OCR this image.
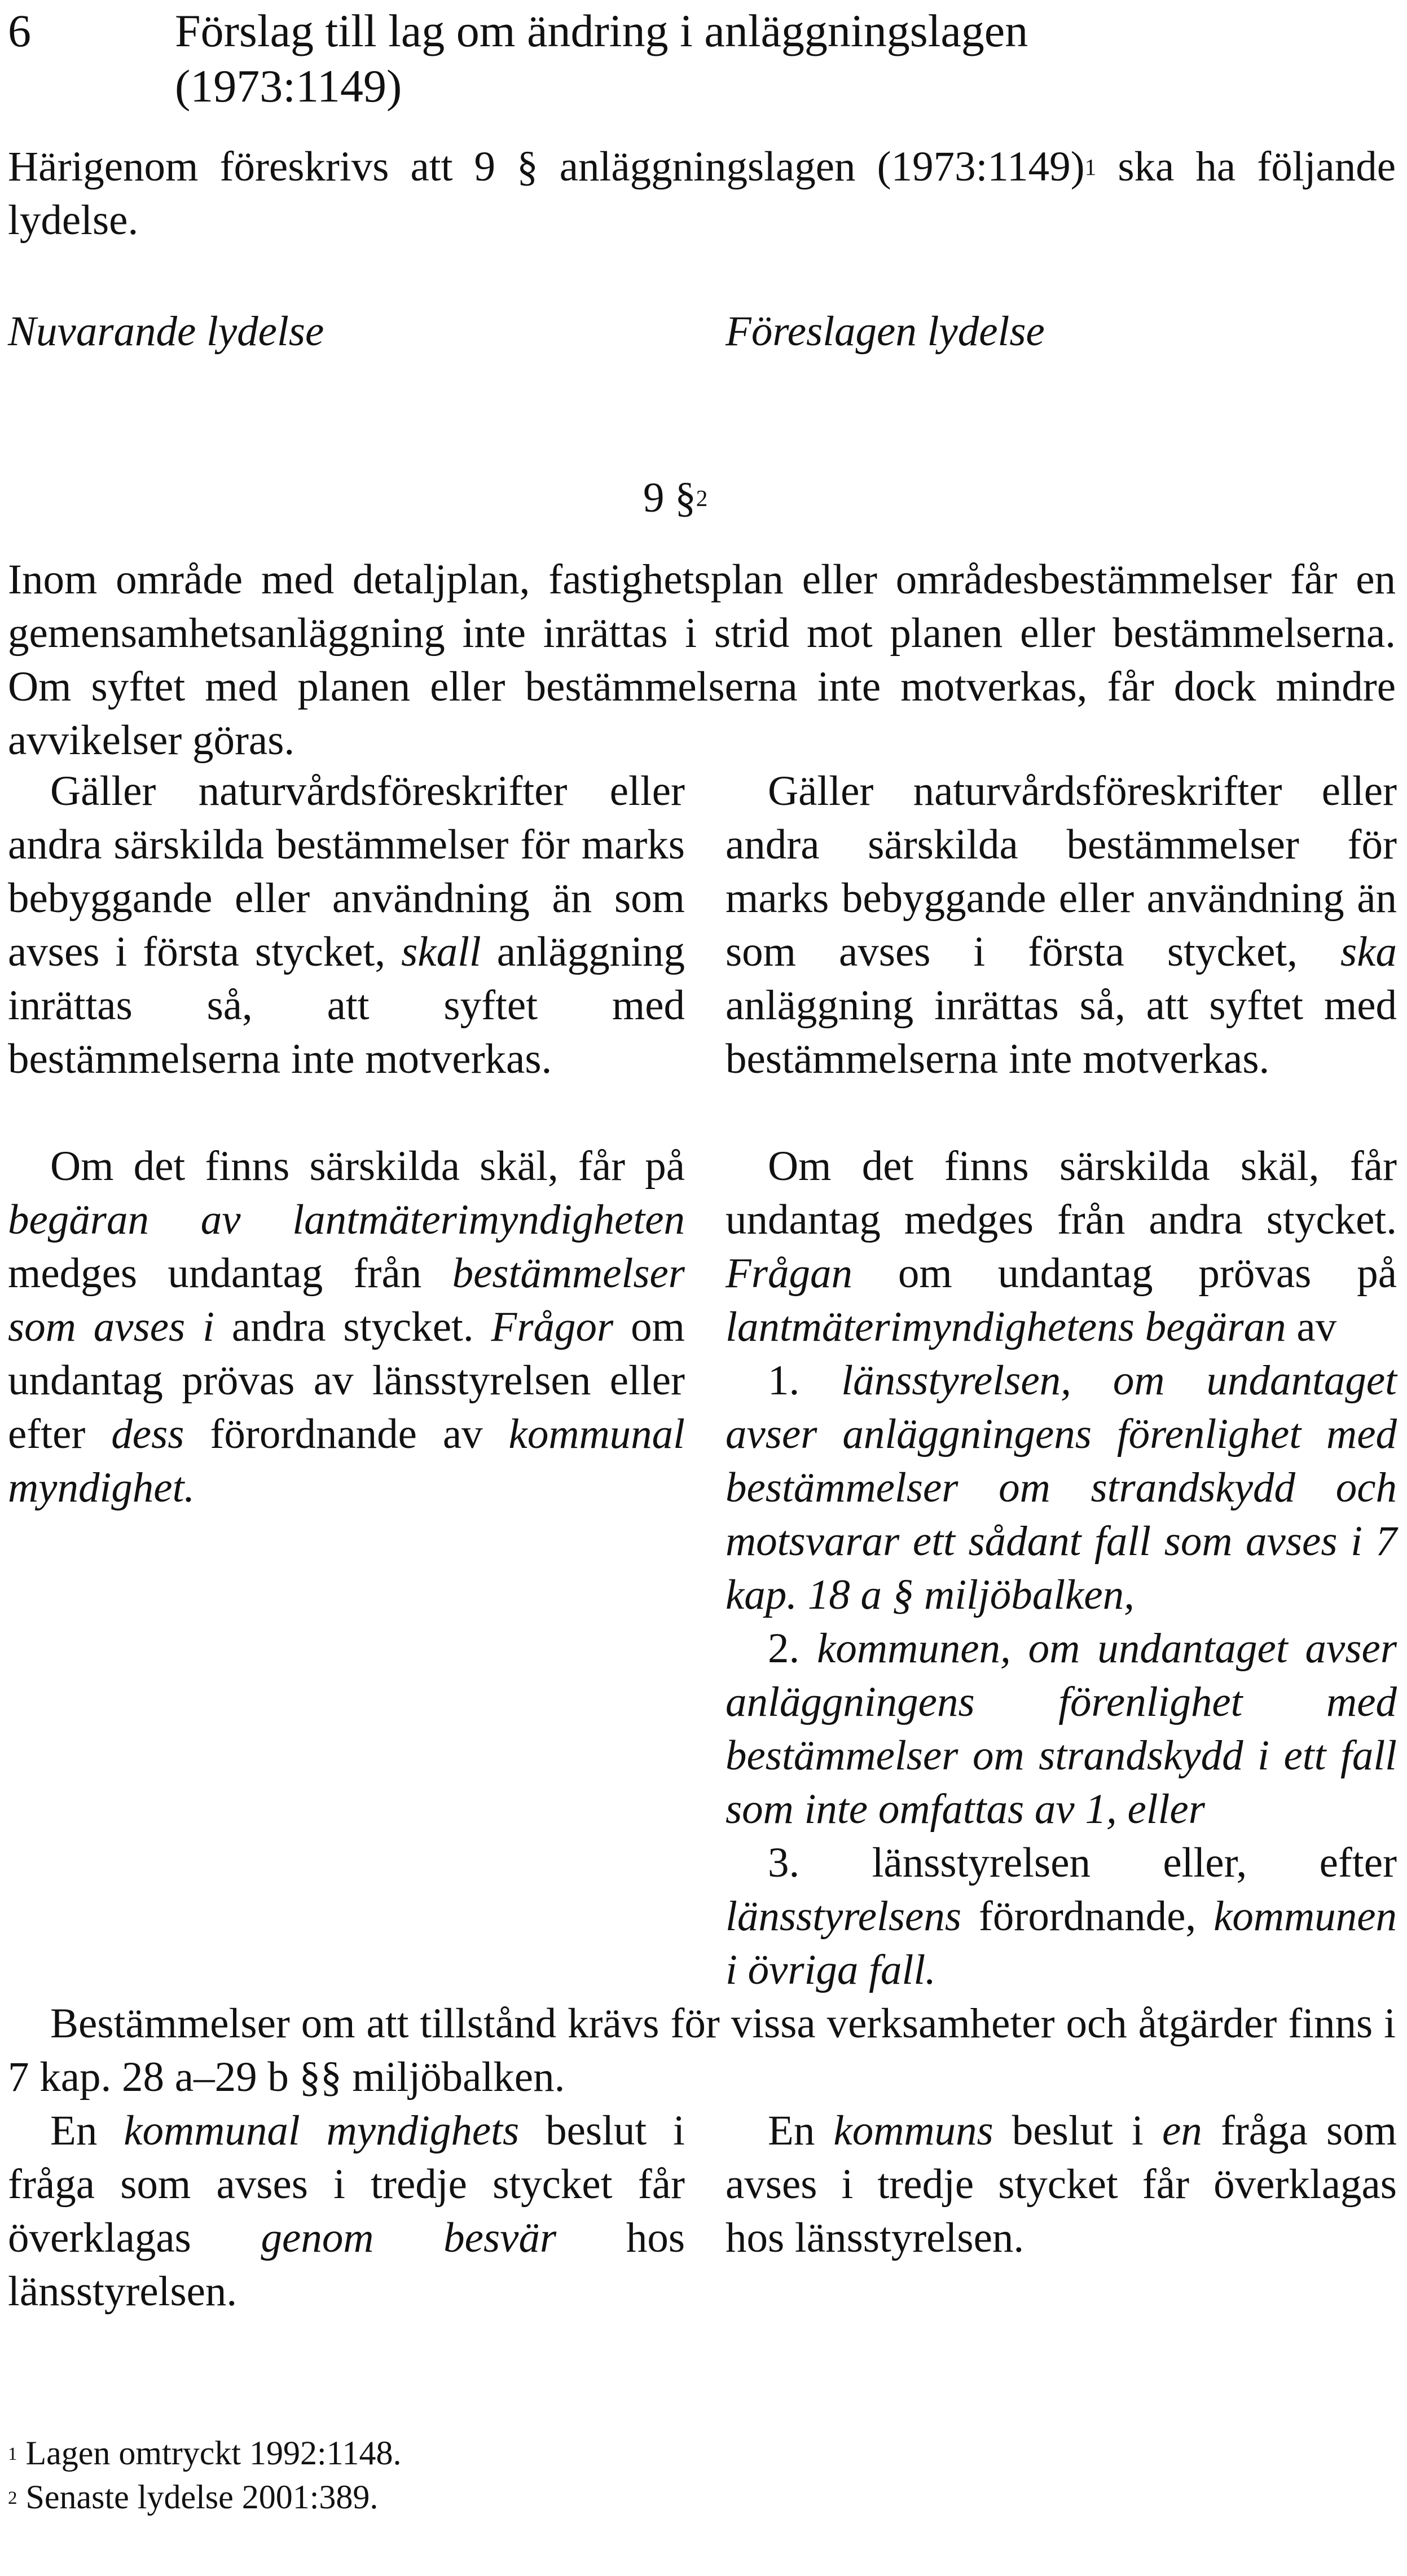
6	Förslag till lag om ändring i anläggningslagen
(1973:1149)
Härigenom föreskrivs att 9 § anläggningslagen (1973:1149)$^1$ ska ha följande lydelse.
Nuvarande lydelse	Föreslagen lydelse
9 §$^2$
Inom område med detaljplan, fastighetsplan eller områdesbestämmelser får en gemensamhetsanläggning inte inrättas i strid mot planen eller bestämmelserna. Om syftet med planen eller bestämmelserna inte motverkas, får dock mindre avvikelser göras.
Gäller naturvårdsföreskrifter eller andra särskilda bestämmelser för marks bebyggande eller användning än som avses i första stycket, skall anläggning inrättas så, att syftet med bestämmelserna inte motverkas.
Gäller naturvårdsföreskrifter eller andra särskilda bestämmelser för marks bebyggande eller användning än som avses i första stycket, ska anläggning inrättas så, att syftet med bestämmelserna inte motverkas.
Om det finns särskilda skäl, får på begäran av lantmäterimyndigheten medges undantag från bestämmelser som avses i andra stycket. Frågor om undantag prövas av länsstyrelsen eller efter dess förordnande av kommunal myndighet.
Om det finns särskilda skäl, får undantag medges från andra stycket. Frågan om undantag prövas på lantmäterimyndighetens begäran av
1. länsstyrelsen, om undantaget avser anläggningens förenlighet med bestämmelser om strandskydd och motsvarar ett sådant fall som avses i 7 kap. 18 a § miljöbalken,
2. kommunen, om undantaget avser anläggningens förenlighet med bestämmelser om strandskydd i ett fall som inte omfattas av 1, eller
3. länsstyrelsen eller, efter länsstyrelsens förordnande, kommunen i övriga fall.
Bestämmelser om att tillstånd krävs för vissa verksamheter och åtgärder finns i 7 kap. 28 a–29 b §§ miljöbalken.
En kommunal myndighets beslut i fråga som avses i tredje stycket får överklagas genom besvär hos länsstyrelsen.
En kommuns beslut i en fråga som avses i tredje stycket får överklagas hos länsstyrelsen.
$^1$ Lagen omtryckt 1992:1148.
$^2$ Senaste lydelse 2001:389.
